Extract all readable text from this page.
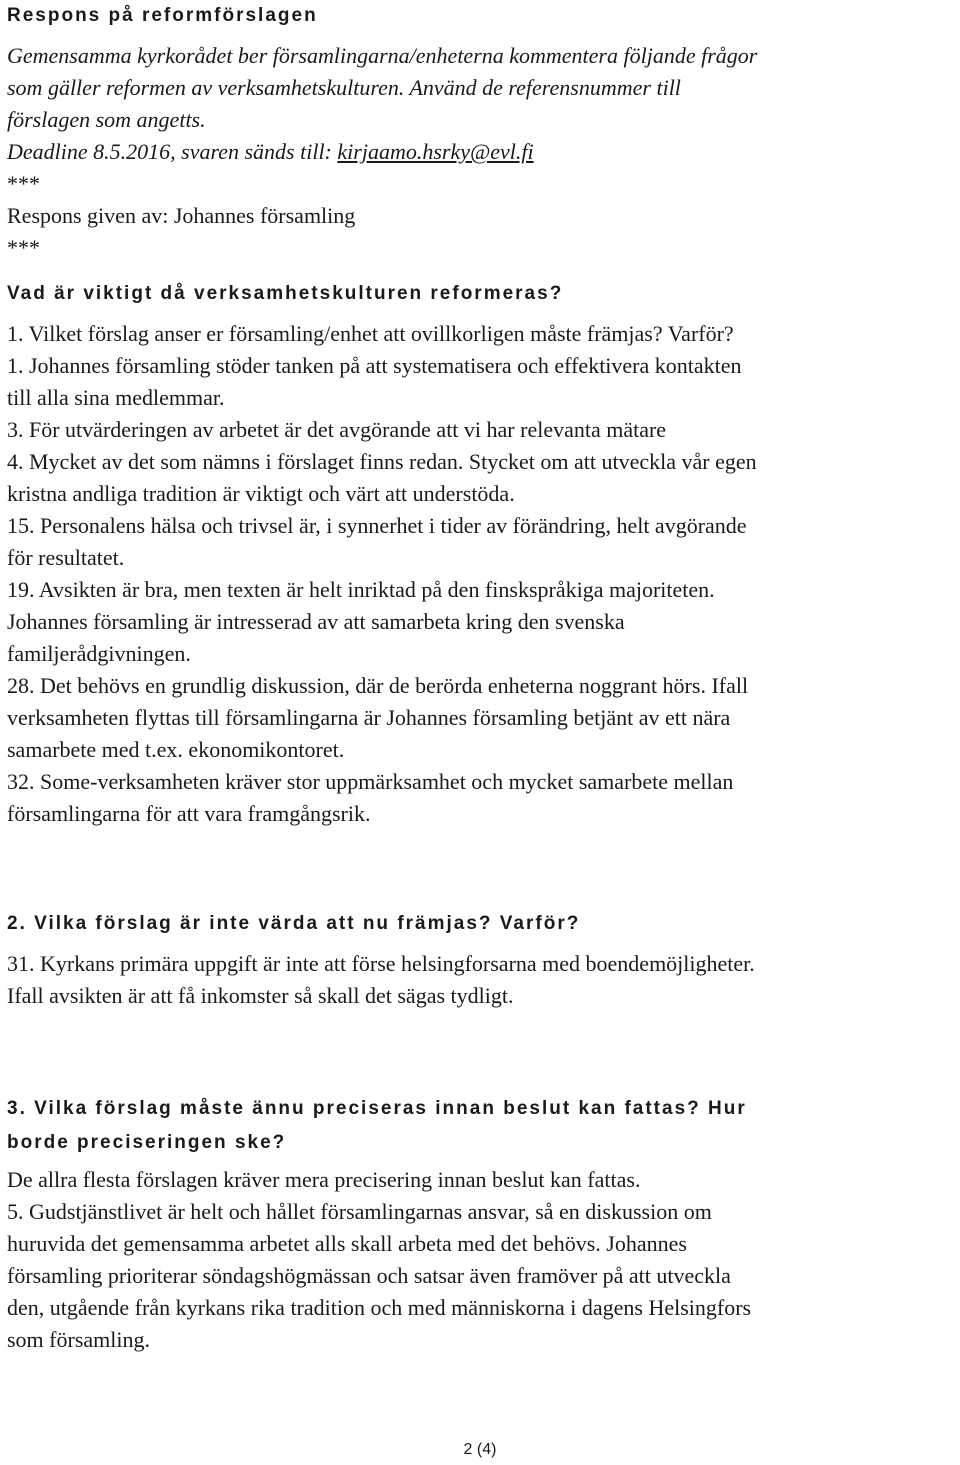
Respons på reformförslagen

Gemensamma kyrkorådet ber församlingarna/enheterna kommentera följande frågor

som gäller reformen av verksamhetskulturen. Använd de referensnummer till

förslagen som angetts.

Deadline 8.5.2016, svaren sänds till: kirjaamo.hsrky@evl.fi

***

Respons given av: Johannes församling

***

Vad är viktigt då verksamhetskulturen reformeras?

1. Vilket förslag anser er församling/enhet att ovillkorligen måste främjas? Varför?

1. Johannes församling stöder tanken på att systematisera och effektivera kontakten

till alla sina medlemmar.

3. För utvärderingen av arbetet är det avgörande att vi har relevanta mätare

4. Mycket av det som nämns i förslaget finns redan. Stycket om att utveckla vår egen

kristna andliga tradition är viktigt och värt att understöda.

15. Personalens hälsa och trivsel är, i synnerhet i tider av förändring, helt avgörande

för resultatet.

19. Avsikten är bra, men texten är helt inriktad på den finskspråkiga majoriteten.

Johannes församling är intresserad av att samarbeta kring den svenska

familjerådgivningen.

28. Det behövs en grundlig diskussion, där de berörda enheterna noggrant hörs. Ifall

verksamheten flyttas till församlingarna är Johannes församling betjänt av ett nära

samarbete med t.ex. ekonomikontoret.

32. Some-verksamheten kräver stor uppmärksamhet och mycket samarbete mellan

församlingarna för att vara framgångsrik.

2. Vilka förslag är inte värda att nu främjas? Varför?

31. Kyrkans primära uppgift är inte att förse helsingforsarna med boendemöjligheter.

Ifall avsikten är att få inkomster så skall det sägas tydligt.

3. Vilka förslag måste ännu preciseras innan beslut kan fattas? Hur

borde preciseringen ske?

De allra flesta förslagen kräver mera precisering innan beslut kan fattas.

5. Gudstjänstlivet är helt och hållet församlingarnas ansvar, så en diskussion om

huruvida det gemensamma arbetet alls skall arbeta med det behövs. Johannes

församling prioriterar söndagshögmässan och satsar även framöver på att utveckla

den, utgående från kyrkans rika tradition och med människorna i dagens Helsingfors

som församling.

2 (4)
